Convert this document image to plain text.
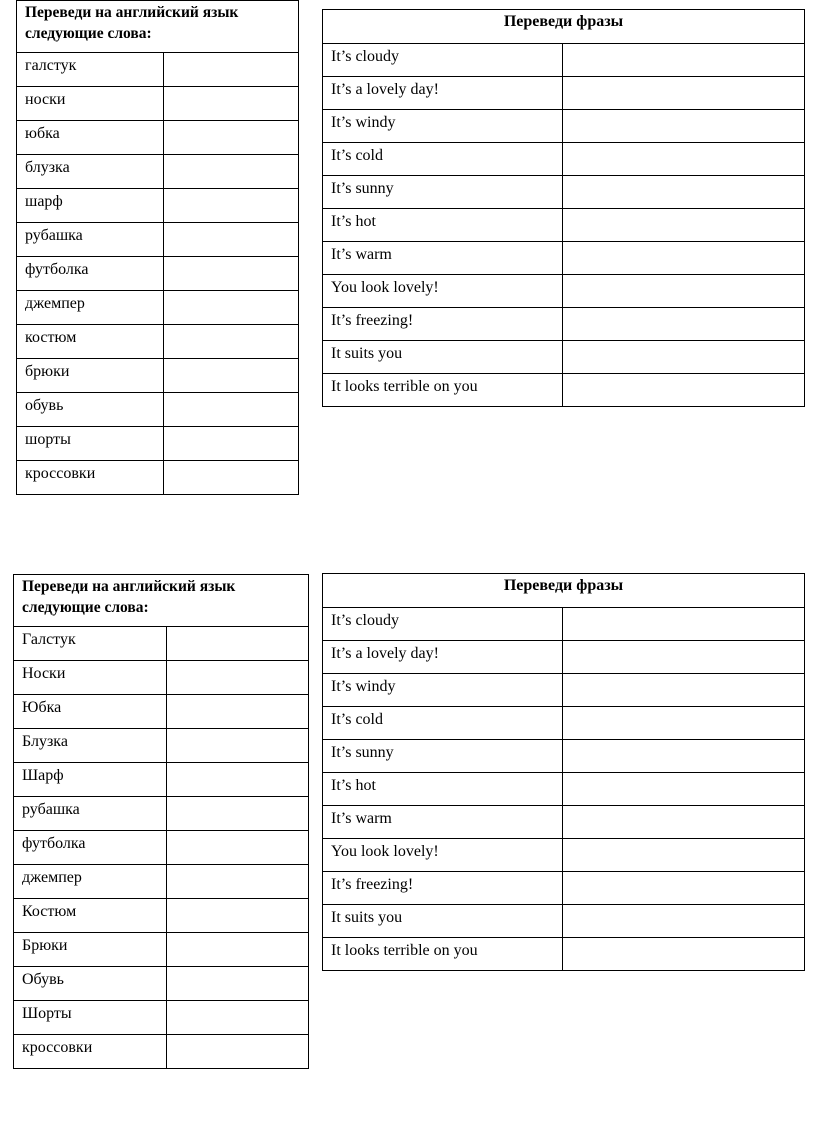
Переведи на английский язык следующие слова:	
галстук	
носки	
юбка	
блузка	
шарф	
рубашка	
футболка	
джемпер	
костюм	
брюки	
обувь	
шорты	
кроссовки	
Переведи фразы	
It’s cloudy	
It’s a lovely day!	
It’s windy	
It’s cold	
It’s sunny	
It’s hot	
It’s warm	
You look lovely!	
It’s freezing!	
It suits you	
It looks terrible on you	
Переведи на английский язык следующие слова:	
Галстук	
Носки	
Юбка	
Блузка	
Шарф	
рубашка	
футболка	
джемпер	
Костюм	
Брюки	
Обувь	
Шорты	
кроссовки	
Переведи фразы	
It’s cloudy	
It’s a lovely day!	
It’s windy	
It’s cold	
It’s sunny	
It’s hot	
It’s warm	
You look lovely!	
It’s freezing!	
It suits you	
It looks terrible on you	
